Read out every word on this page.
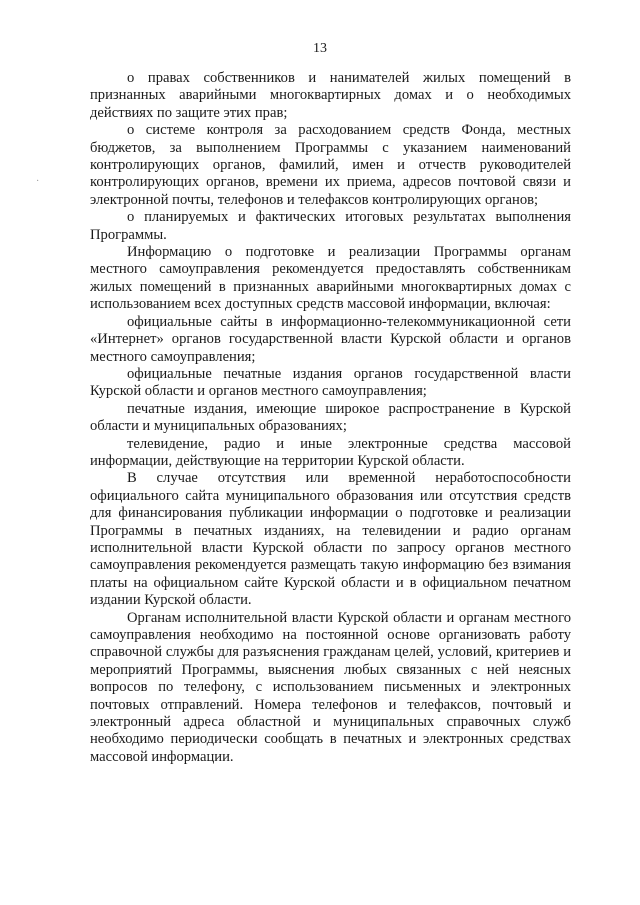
13
·

о правах собственников и нанимателей жилых помещений в признанных аварийными многоквартирных домах и о необходимых действиях по защите этих прав;

о системе контроля за расходованием средств Фонда, местных бюджетов, за выполнением Программы с указанием наименований контролирующих органов, фамилий, имен и отчеств руководителей контролирующих органов, времени их приема, адресов почтовой связи и электронной почты, телефонов и телефаксов контролирующих органов;

о планируемых и фактических итоговых результатах выполнения Программы.

Информацию о подготовке и реализации Программы органам местного самоуправления рекомендуется предоставлять собственникам жилых помещений в признанных аварийными многоквартирных домах с использованием всех доступных средств массовой информации, включая:

официальные сайты в информационно-телекоммуникационной сети «Интернет» органов государственной власти Курской области и органов местного самоуправления;

официальные печатные издания органов государственной власти Курской области и органов местного самоуправления;

печатные издания, имеющие широкое распространение в Курской области и муниципальных образованиях;

телевидение, радио и иные электронные средства массовой информации, действующие на территории Курской области.

В случае отсутствия или временной неработоспособности официального сайта муниципального образования или отсутствия средств для финансирования публикации информации о подготовке и реализации Программы в печатных изданиях, на телевидении и радио органам исполнительной власти Курской области по запросу органов местного самоуправления рекомендуется размещать такую информацию без взимания платы на официальном сайте Курской области и в официальном печатном издании Курской области.

Органам исполнительной власти Курской области и органам местного самоуправления необходимо на постоянной основе организовать работу справочной службы для разъяснения гражданам целей, условий, критериев и мероприятий Программы, выяснения любых связанных с ней неясных вопросов по телефону, с использованием письменных и электронных почтовых отправлений. Номера телефонов и телефаксов, почтовый и электронный адреса областной и муниципальных справочных служб необходимо периодически сообщать в печатных и электронных средствах массовой информации.
